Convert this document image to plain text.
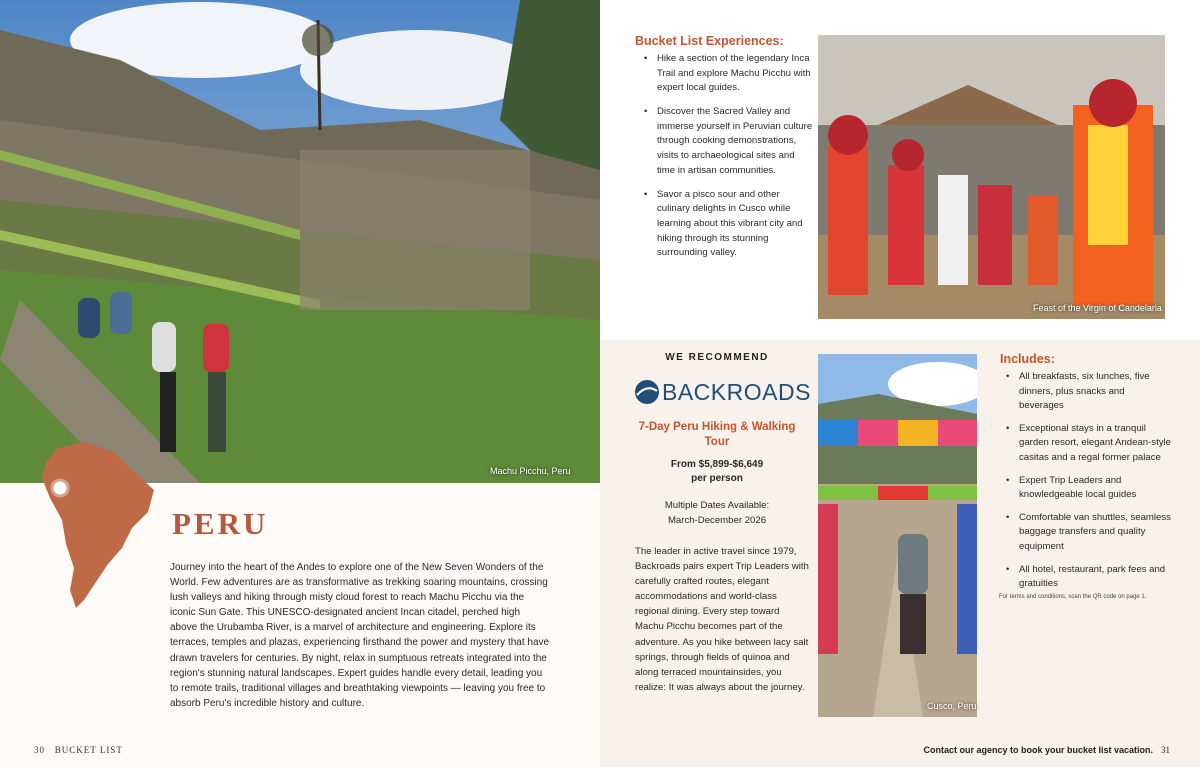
Machu Picchu, Peru
PERU
Journey into the heart of the Andes to explore one of the New Seven Wonders of the World. Few adventures are as transformative as trekking soaring mountains, crossing lush valleys and hiking through misty cloud forest to reach Machu Picchu via the iconic Sun Gate. This UNESCO-designated ancient Incan citadel, perched high above the Urubamba River, is a marvel of architecture and engineering. Explore its terraces, temples and plazas, experiencing firsthand the power and mystery that have drawn travelers for centuries. By night, relax in sumptuous retreats integrated into the region's stunning natural landscapes. Expert guides handle every detail, leading you to remote trails, traditional villages and breathtaking viewpoints — leaving you free to absorb Peru's incredible history and culture.
30 BUCKET LIST
Bucket List Experiences:
• Hike a section of the legendary Inca Trail and explore Machu Picchu with expert local guides.
• Discover the Sacred Valley and immerse yourself in Peruvian culture through cooking demonstrations, visits to archaeological sites and time in artisan communities.
• Savor a pisco sour and other culinary delights in Cusco while learning about this vibrant city and hiking through its stunning surrounding valley.
Feast of the Virgin of Candelaria
WE RECOMMEND
BACKROADS
7-Day Peru Hiking & Walking Tour
From $5,899-$6,649
per person
Multiple Dates Available:
March-December 2026
The leader in active travel since 1979, Backroads pairs expert Trip Leaders with carefully crafted routes, elegant accommodations and world-class regional dining. Every step toward Machu Picchu becomes part of the adventure. As you hike between lacy salt springs, through fields of quinoa and along terraced mountainsides, you realize: It was always about the journey.
Cusco, Peru
Includes:
• All breakfasts, six lunches, five dinners, plus snacks and beverages
• Exceptional stays in a tranquil garden resort, elegant Andean-style casitas and a regal former palace
• Expert Trip Leaders and knowledgeable local guides
• Comfortable van shuttles, seamless baggage transfers and quality equipment
• All hotel, restaurant, park fees and gratuities
For terms and conditions, scan the QR code on page 1.
Contact our agency to book your bucket list vacation. 31
